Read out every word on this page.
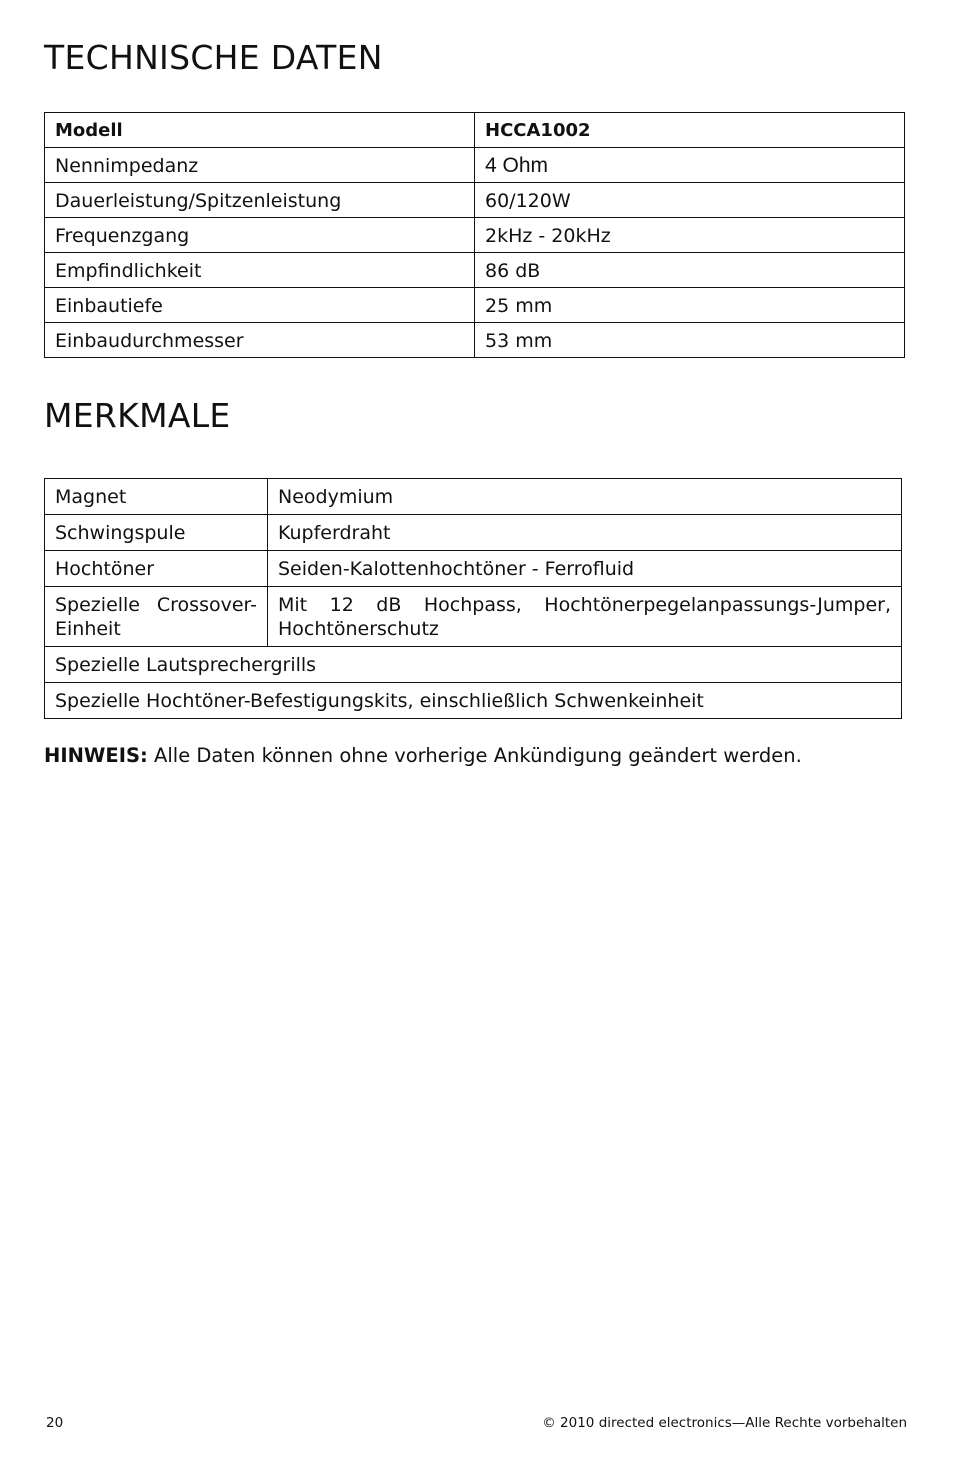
TECHNISCHE DATEN
Modell	HCCA1002
Nennimpedanz	4 Ohm
Dauerleistung/Spitzenleistung	60/120W
Frequenzgang	2kHz - 20kHz
Empfindlichkeit	86 dB
Einbautiefe	25 mm
Einbaudurchmesser	53 mm
MERKMALE
Magnet	Neodymium
Schwingspule	Kupferdraht
Hochtöner	Seiden-Kalottenhochtöner - Ferrofluid
Spezielle Crossover-Einheit	Mit 12 dB Hochpass, Hochtönerpegelanpassungs-Jumper, Hochtönerschutz
Spezielle Lautsprechergrills	
Spezielle Hochtöner-Befestigungskits, einschließlich Schwenkeinheit	

HINWEIS: Alle Daten können ohne vorherige Ankündigung geändert werden.

20	© 2010 directed electronics—Alle Rechte vorbehalten
